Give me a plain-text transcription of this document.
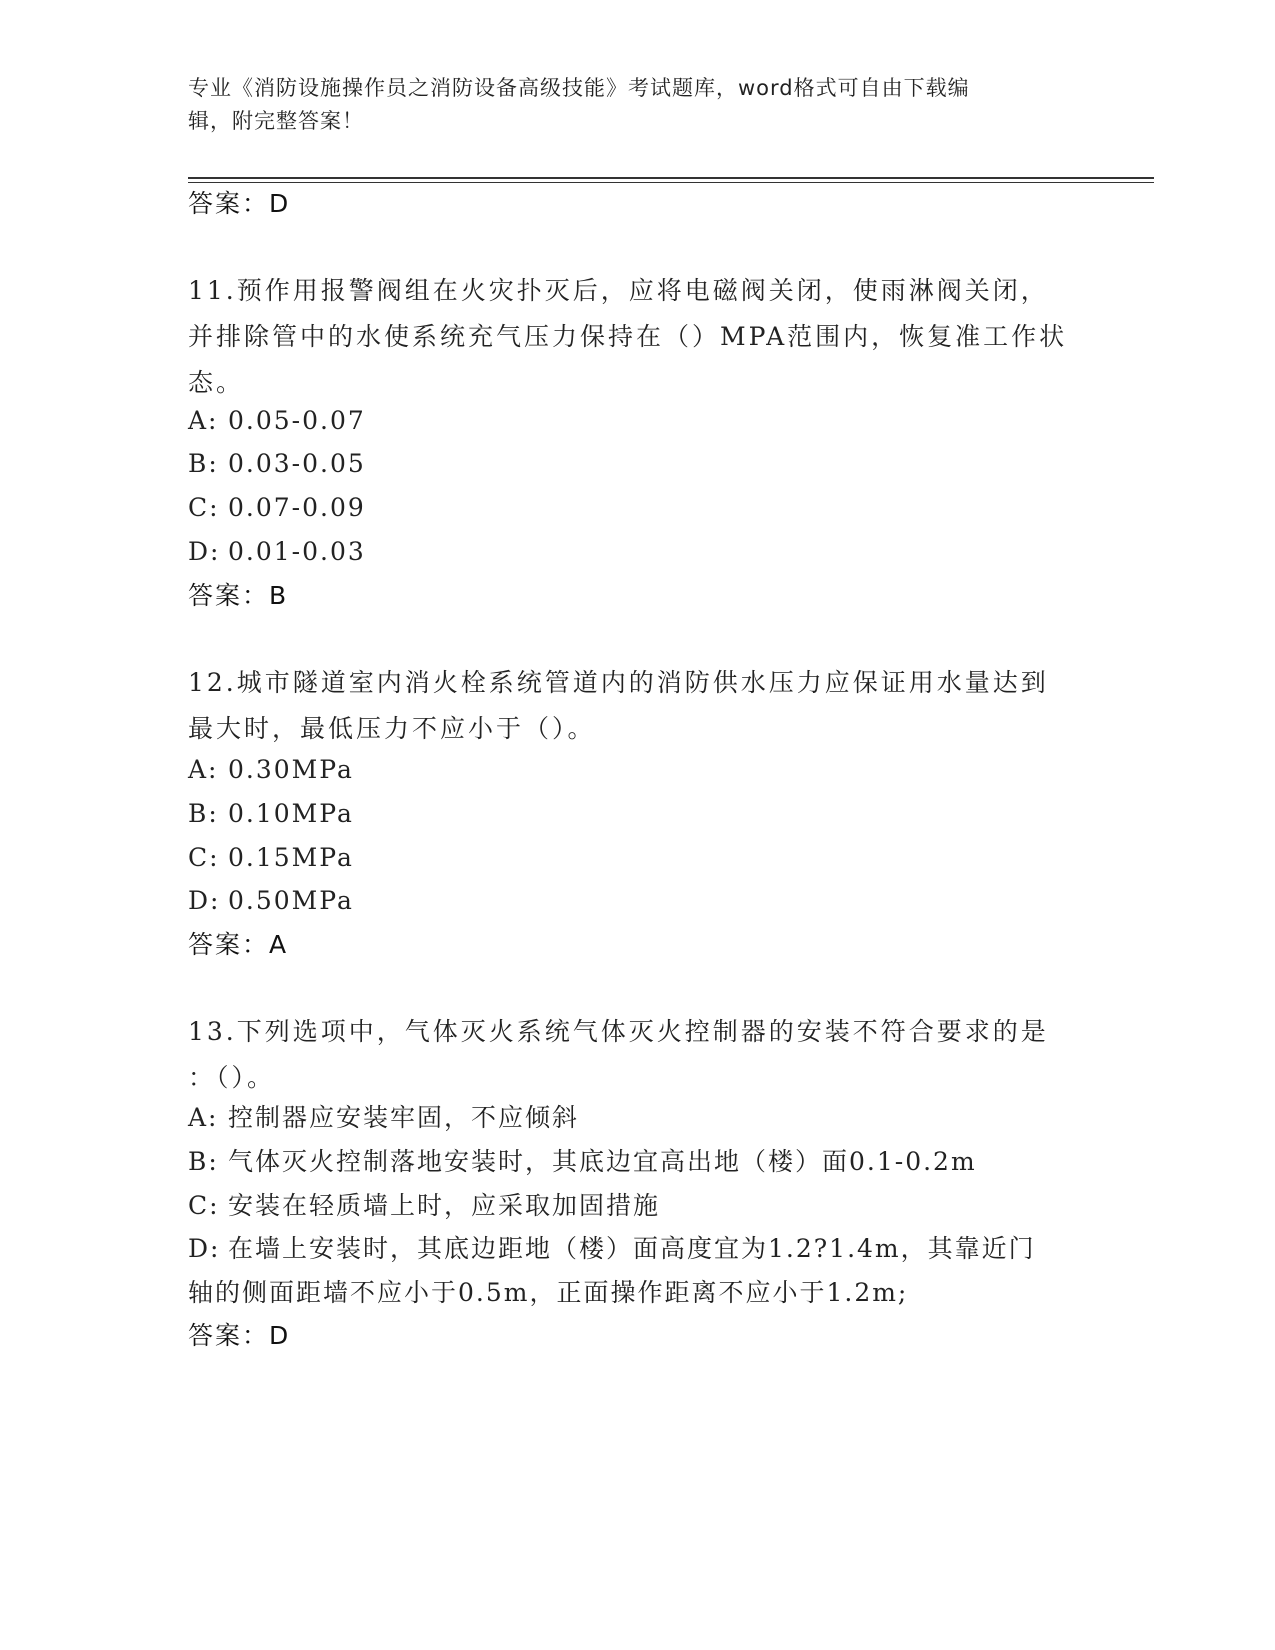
专业《消防设施操作员之消防设备高级技能》考试题库，word格式可自由下载编
辑，附完整答案！
答案：D
11.预作用报警阀组在火灾扑灭后，应将电磁阀关闭，使雨淋阀关闭，
并排除管中的水使系统充气压力保持在（）MPA范围内，恢复准工作状
态。
A: 0.05-0.07
B: 0.03-0.05
C: 0.07-0.09
D: 0.01-0.03
答案：B
12.城市隧道室内消火栓系统管道内的消防供水压力应保证用水量达到
最大时，最低压力不应小于（）。
A: 0.30MPa
B: 0.10MPa
C: 0.15MPa
D: 0.50MPa
答案：A
13.下列选项中，气体灭火系统气体灭火控制器的安装不符合要求的是
：（）。
A: 控制器应安装牢固，不应倾斜
B: 气体灭火控制落地安装时，其底边宜高出地（楼）面0.1-0.2m
C: 安装在轻质墙上时，应采取加固措施
D: 在墙上安装时，其底边距地（楼）面高度宜为1.2?1.4m，其靠近门
轴的侧面距墙不应小于0.5m，正面操作距离不应小于1.2m;
答案：D
